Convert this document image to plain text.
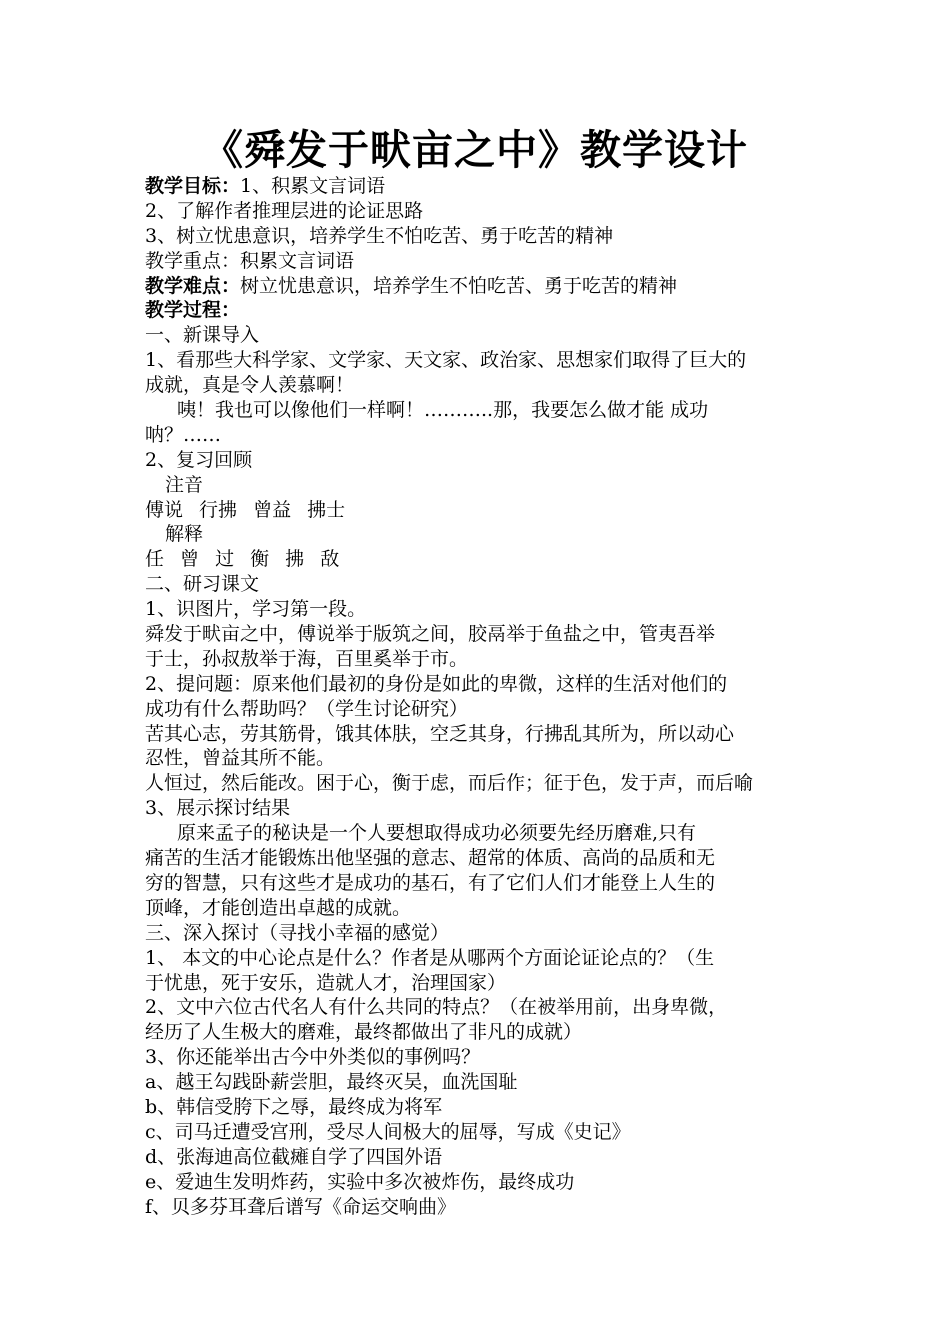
《舜发于畎亩之中》教学设计
教学目标：1、积累文言词语
2、了解作者推理层进的论证思路
3、树立忧患意识，培养学生不怕吃苦、勇于吃苦的精神
教学重点：积累文言词语
教学难点：树立忧患意识，培养学生不怕吃苦、勇于吃苦的精神
教学过程：
一、新课导入
1、看那些大科学家、文学家、天文家、政治家、思想家们取得了巨大的
成就，真是令人羡慕啊！
咦！我也可以像他们一样啊！………..那，我要怎么做才能 成功
呐？……
2、复习回顾
注音
傅说 行拂 曾益 拂士
解释
任 曾 过 衡 拂 敌
二、研习课文
1、识图片，学习第一段。
舜发于畎亩之中，傅说举于版筑之间，胶鬲举于鱼盐之中，管夷吾举
于士，孙叔敖举于海，百里奚举于市。
2、提问题：原来他们最初的身份是如此的卑微，这样的生活对他们的
成功有什么帮助吗？（学生讨论研究）
苦其心志，劳其筋骨，饿其体肤，空乏其身，行拂乱其所为，所以动心
忍性，曾益其所不能。
人恒过，然后能改。困于心，衡于虑，而后作；征于色，发于声，而后喻
3、展示探讨结果
原来孟子的秘诀是一个人要想取得成功必须要先经历磨难,只有
痛苦的生活才能锻炼出他坚强的意志、超常的体质、高尚的品质和无
穷的智慧，只有这些才是成功的基石，有了它们人们才能登上人生的
顶峰，才能创造出卓越的成就。
三、深入探讨（寻找小幸福的感觉）
1、 本文的中心论点是什么？作者是从哪两个方面论证论点的？（生
于忧患，死于安乐，造就人才，治理国家）
2、文中六位古代名人有什么共同的特点？（在被举用前，出身卑微，
经历了人生极大的磨难，最终都做出了非凡的成就）
3、你还能举出古今中外类似的事例吗？
a、越王勾践卧薪尝胆，最终灭吴，血洗国耻
b、韩信受胯下之辱，最终成为将军
c、司马迁遭受宫刑，受尽人间极大的屈辱，写成《史记》
d、张海迪高位截瘫自学了四国外语
e、爱迪生发明炸药，实验中多次被炸伤，最终成功
f、贝多芬耳聋后谱写《命运交响曲》
